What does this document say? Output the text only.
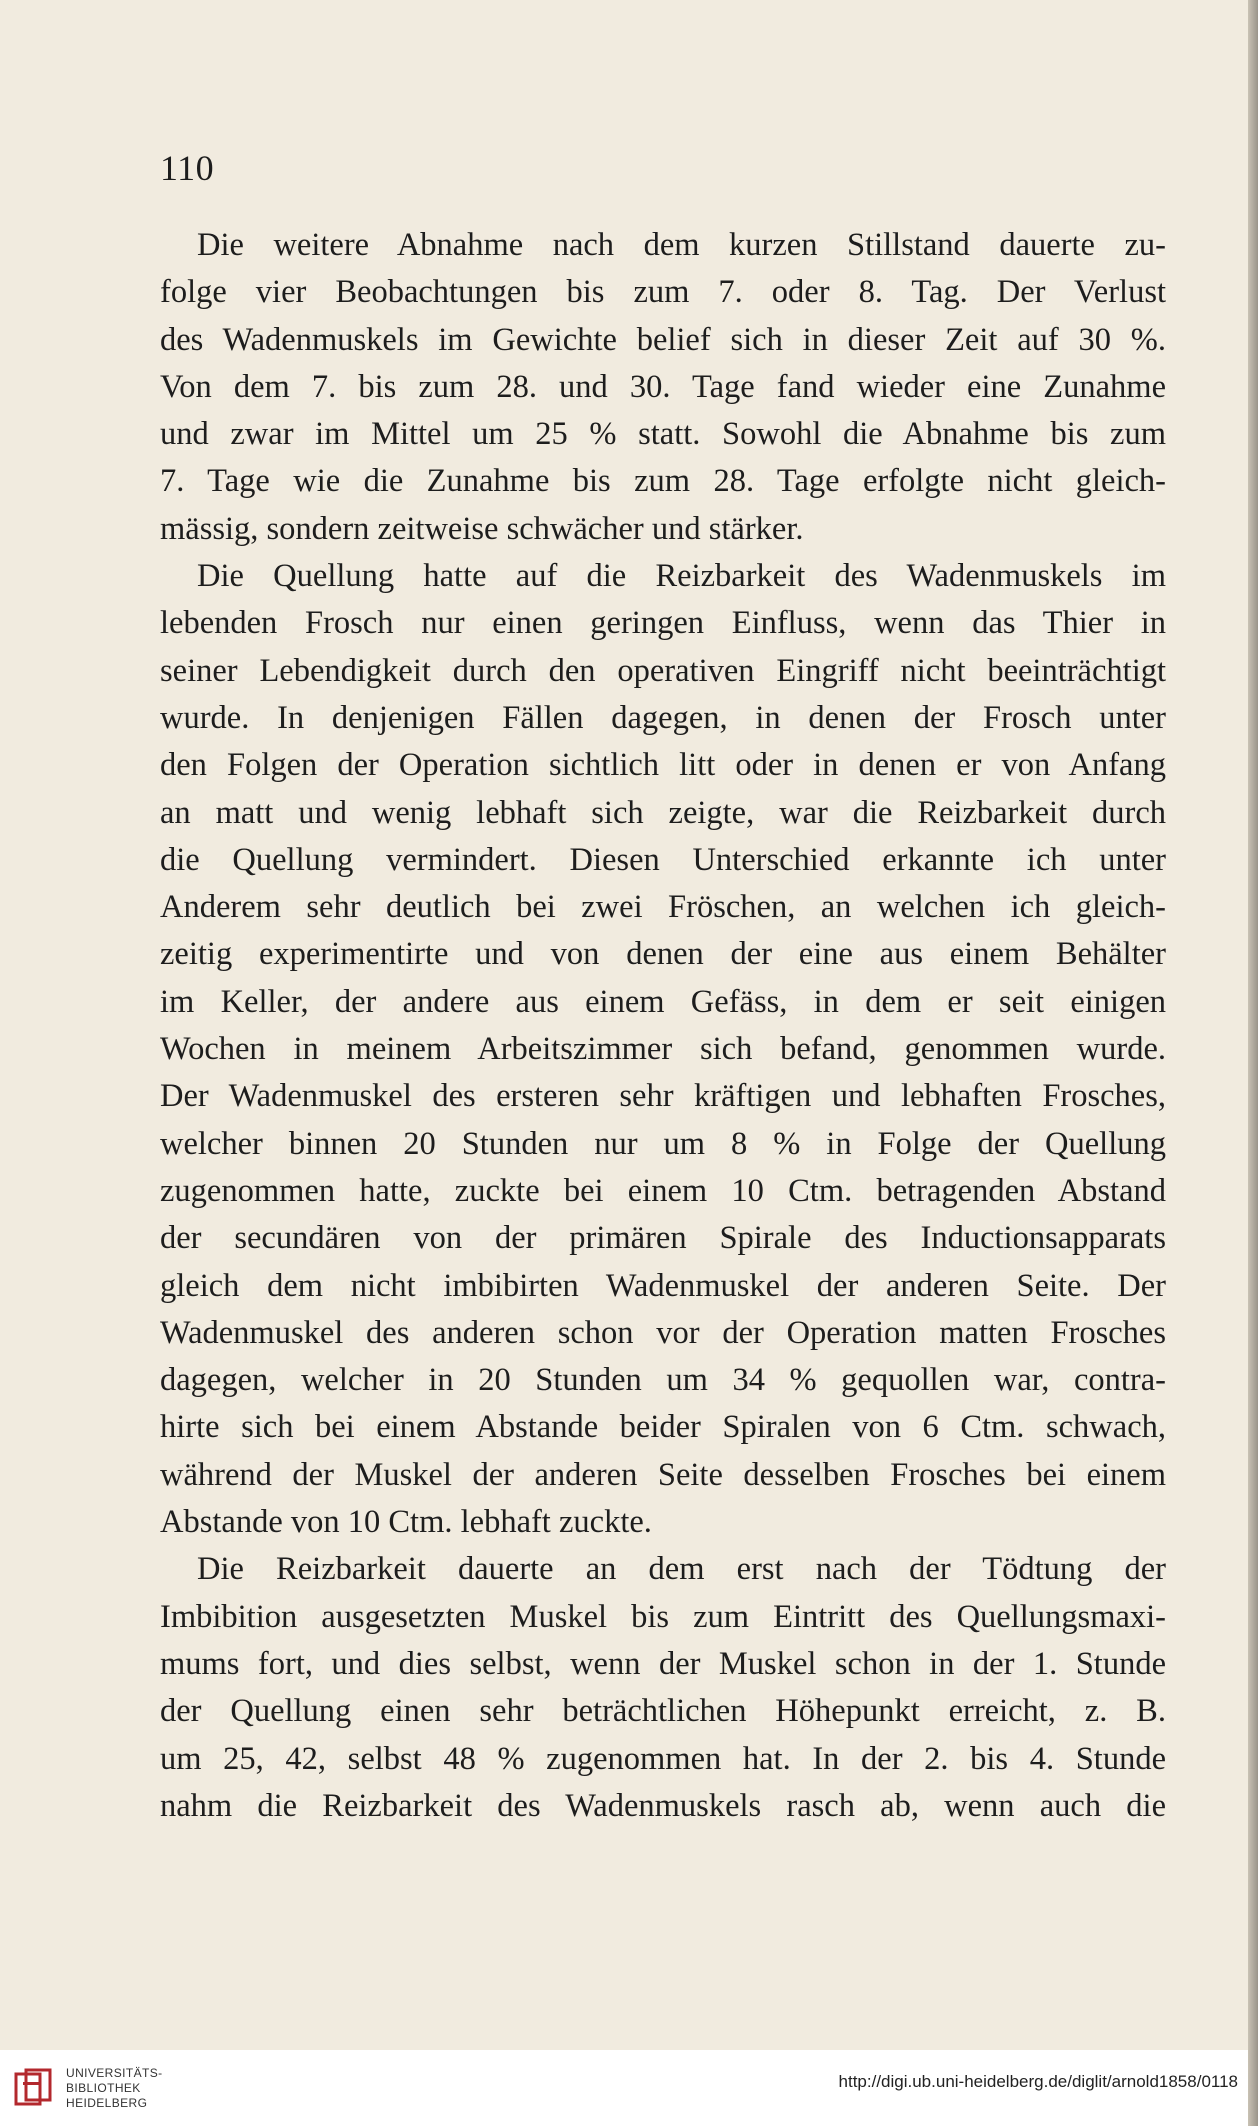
110
Die weitere Abnahme nach dem kurzen Stillstand dauerte zu-
folge vier Beobachtungen bis zum 7. oder 8. Tag. Der Verlust
des Wadenmuskels im Gewichte belief sich in dieser Zeit auf 30 %.
Von dem 7. bis zum 28. und 30. Tage fand wieder eine Zunahme
und zwar im Mittel um 25 % statt. Sowohl die Abnahme bis zum
7. Tage wie die Zunahme bis zum 28. Tage erfolgte nicht gleich-
mässig, sondern zeitweise schwächer und stärker.
Die Quellung hatte auf die Reizbarkeit des Wadenmuskels im
lebenden Frosch nur einen geringen Einfluss, wenn das Thier in
seiner Lebendigkeit durch den operativen Eingriff nicht beeinträchtigt
wurde. In denjenigen Fällen dagegen, in denen der Frosch unter
den Folgen der Operation sichtlich litt oder in denen er von Anfang
an matt und wenig lebhaft sich zeigte, war die Reizbarkeit durch
die Quellung vermindert. Diesen Unterschied erkannte ich unter
Anderem sehr deutlich bei zwei Fröschen, an welchen ich gleich-
zeitig experimentirte und von denen der eine aus einem Behälter
im Keller, der andere aus einem Gefäss, in dem er seit einigen
Wochen in meinem Arbeitszimmer sich befand, genommen wurde.
Der Wadenmuskel des ersteren sehr kräftigen und lebhaften Frosches,
welcher binnen 20 Stunden nur um 8 % in Folge der Quellung
zugenommen hatte, zuckte bei einem 10 Ctm. betragenden Abstand
der secundären von der primären Spirale des Inductionsapparats
gleich dem nicht imbibirten Wadenmuskel der anderen Seite. Der
Wadenmuskel des anderen schon vor der Operation matten Frosches
dagegen, welcher in 20 Stunden um 34 % gequollen war, contra-
hirte sich bei einem Abstande beider Spiralen von 6 Ctm. schwach,
während der Muskel der anderen Seite desselben Frosches bei einem
Abstande von 10 Ctm. lebhaft zuckte.
Die Reizbarkeit dauerte an dem erst nach der Tödtung der
Imbibition ausgesetzten Muskel bis zum Eintritt des Quellungsmaxi-
mums fort, und dies selbst, wenn der Muskel schon in der 1. Stunde
der Quellung einen sehr beträchtlichen Höhepunkt erreicht, z. B.
um 25, 42, selbst 48 % zugenommen hat. In der 2. bis 4. Stunde
nahm die Reizbarkeit des Wadenmuskels rasch ab, wenn auch die
UNIVERSITÄTS-
BIBLIOTHEK
HEIDELBERG
http://digi.ub.uni-heidelberg.de/diglit/arnold1858/0118
